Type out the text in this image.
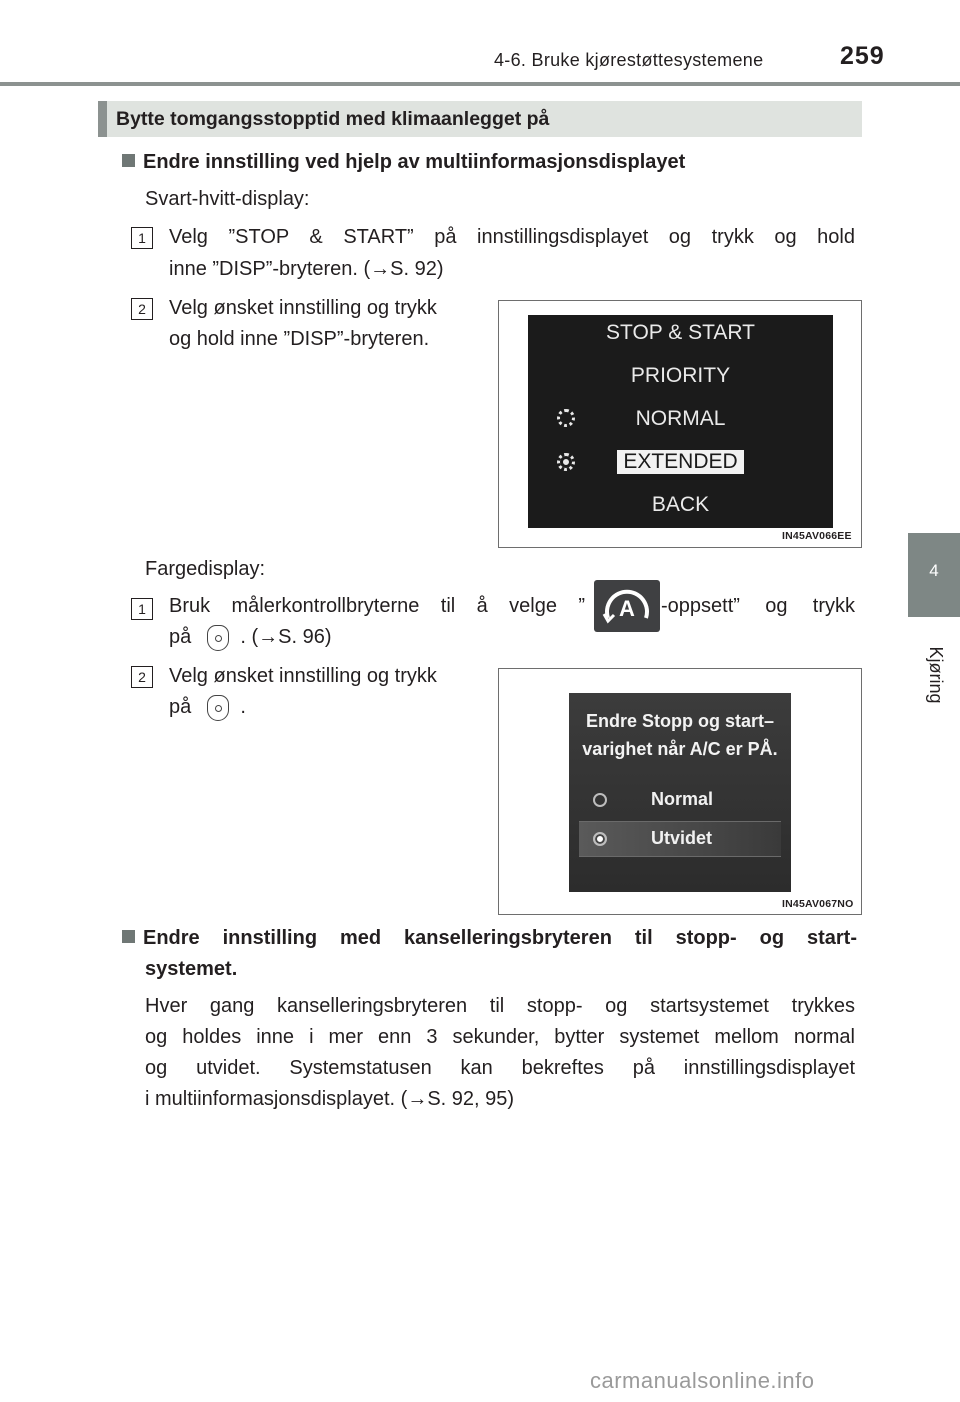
4-6. Bruke kjørestøttesystemene	259
4
Kjøring
Bytte tomgangsstopptid med klimaanlegget på
Endre innstilling ved hjelp av multiinformasjonsdisplayet
Svart-hvitt-display:
1	Velg ”STOP & START” på innstillingsdisplayet og trykk og hold
inne ”DISP”-bryteren. (→S. 92)
2	Velg ønsket innstilling og trykk
og hold inne ”DISP”-bryteren.	STOP & START
PRIORITY
NORMAL
EXTENDED
BACK
IN45AV066EE
Fargedisplay:
1	Bruk målerkontrollbryterne til å velge ” A -oppsett” og trykk
på . (→S. 96)
2	Velg ønsket innstilling og trykk
på .
Endre Stopp og start–
varighet når A/C er PÅ.
Normal
Utvidet
IN45AV067NO
Endre innstilling med kanselleringsbryteren til stopp- og start-
systemet.
Hver gang kanselleringsbryteren til stopp- og startsystemet trykkes
og holdes inne i mer enn 3 sekunder, bytter systemet mellom normal
og utvidet. Systemstatusen kan bekreftes på innstillingsdisplayet
i multiinformasjonsdisplayet. (→S. 92, 95)
carmanualsonline.info
